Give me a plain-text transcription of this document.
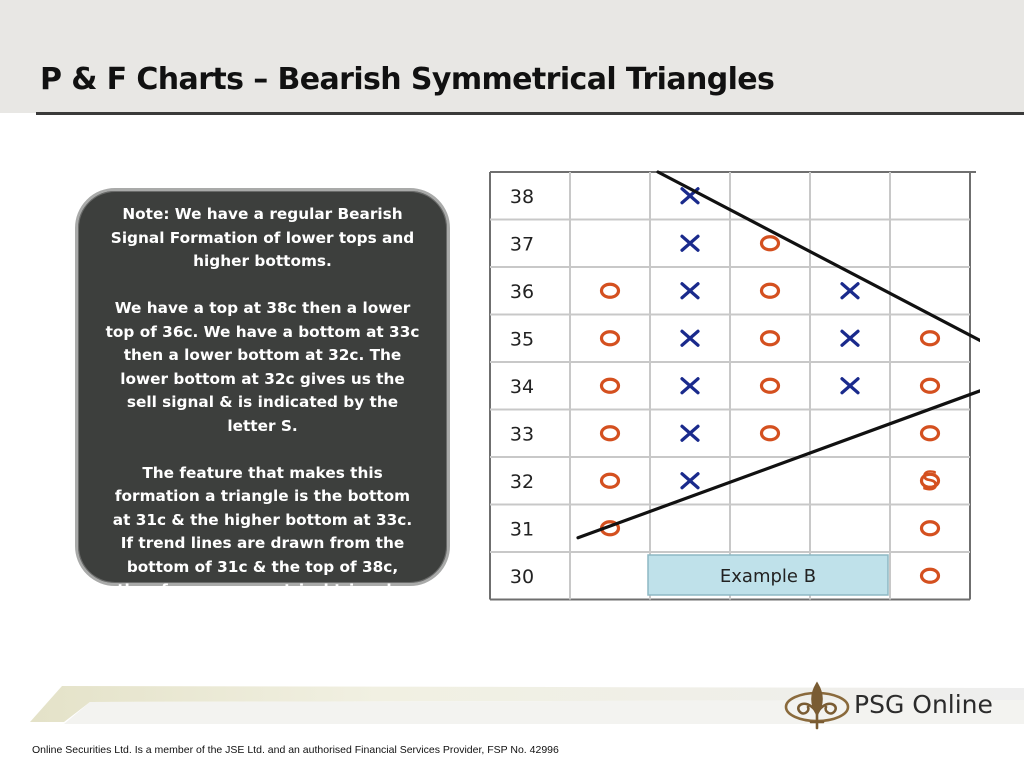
P & F Charts – Bearish Symmetrical Triangles

Note: We have a regular Bearish Signal Formation of lower tops and higher bottoms.

We have a top at 38c then a lower top of 36c. We have a bottom at 33c then a lower bottom at 32c. The lower bottom at 32c gives us the sell signal & is indicated by the letter S.

The feature that makes this formation a triangle is the bottom at 31c & the higher bottom at 33c. If trend lines are drawn from the bottom of 31c & the top of 38c, they form a symmetrical triangle.

38
37
36
35
34
33
32
31
30
S
Example B
PSG Online
Online Securities Ltd. Is a member of the JSE Ltd. and an authorised Financial Services Provider, FSP No. 42996
